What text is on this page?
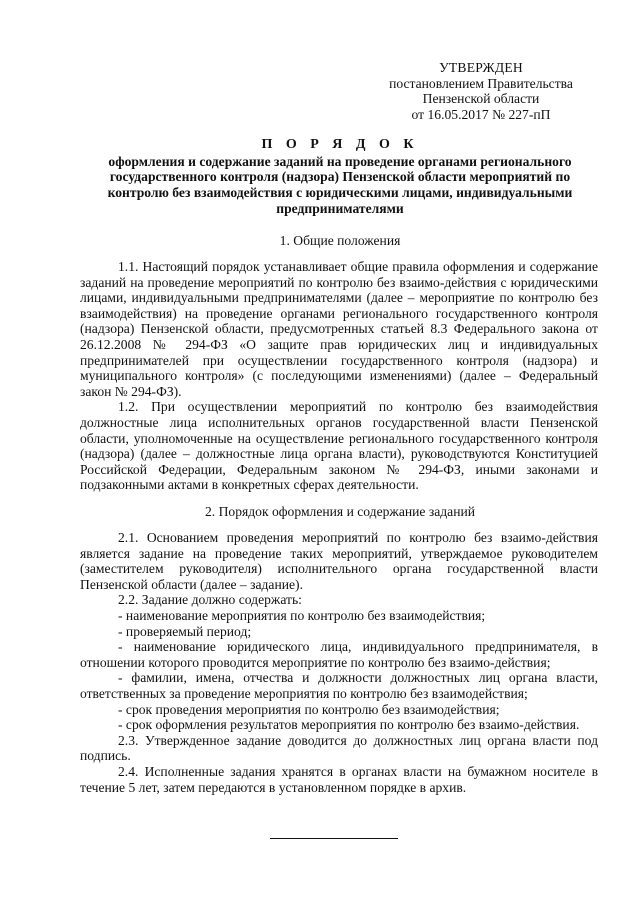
УТВЕРЖДЕН
постановлением Правительства
Пензенской области
от 16.05.2017 № 227-пП
П О Р Я Д О К
оформления и содержание заданий на проведение органами регионального государственного контроля (надзора) Пензенской области мероприятий по контролю без взаимодействия с юридическими лицами, индивидуальными предпринимателями
1. Общие положения

1.1. Настоящий порядок устанавливает общие правила оформления и содержание заданий на проведение мероприятий по контролю без взаимо-действия с юридическими лицами, индивидуальными предпринимателями (далее – мероприятие по контролю без взаимодействия) на проведение органами регионального государственного контроля (надзора) Пензенской области, предусмотренных статьей 8.3 Федерального закона от 26.12.2008 № 294-ФЗ «О защите прав юридических лиц и индивидуальных предпринимателей при осуществлении государственного контроля (надзора) и муниципального контроля» (с последующими изменениями) (далее – Федеральный закон № 294-ФЗ).

1.2. При осуществлении мероприятий по контролю без взаимодействия должностные лица исполнительных органов государственной власти Пензенской области, уполномоченные на осуществление регионального государственного контроля (надзора) (далее – должностные лица органа власти), руководствуются Конституцией Российской Федерации, Федеральным законом № 294-ФЗ, иными законами и подзаконными актами в конкретных сферах деятельности.

2. Порядок оформления и содержание заданий

2.1. Основанием проведения мероприятий по контролю без взаимо-действия является задание на проведение таких мероприятий, утверждаемое руководителем (заместителем руководителя) исполнительного органа государственной власти Пензенской области (далее – задание).

2.2. Задание должно содержать:

- наименование мероприятия по контролю без взаимодействия;

- проверяемый период;

- наименование юридического лица, индивидуального предпринимателя, в отношении которого проводится мероприятие по контролю без взаимо-действия;

- фамилии, имена, отчества и должности должностных лиц органа власти, ответственных за проведение мероприятия по контролю без взаимодействия;

- срок проведения мероприятия по контролю без взаимодействия;

- срок оформления результатов мероприятия по контролю без взаимо-действия.

2.3. Утвержденное задание доводится до должностных лиц органа власти под подпись.

2.4. Исполненные задания хранятся в органах власти на бумажном носителе в течение 5 лет, затем передаются в установленном порядке в архив.
